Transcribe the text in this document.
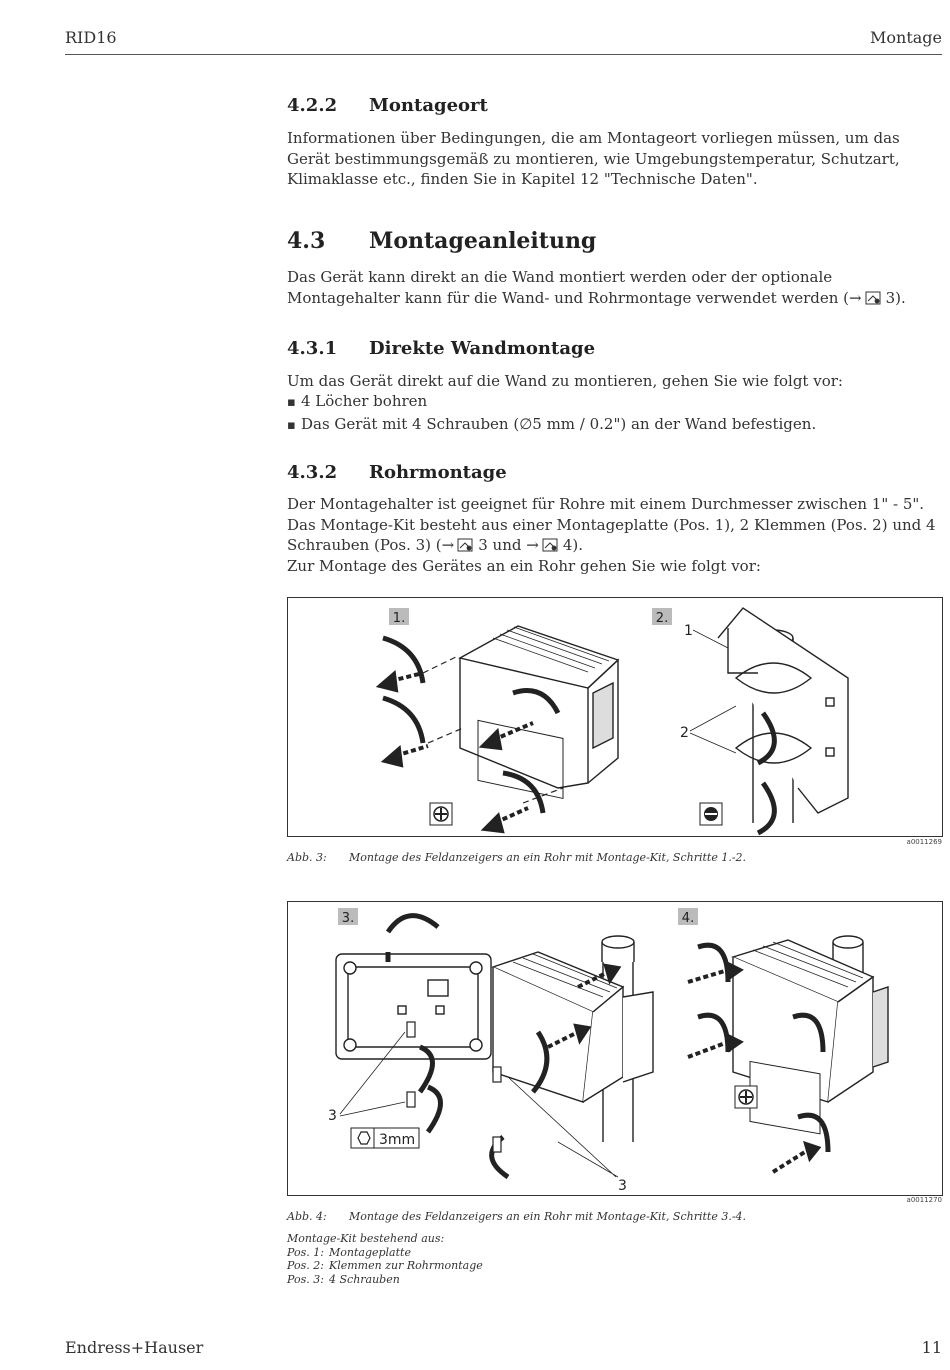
RID16	Montage
4.2.2 Montageort

Informationen über Bedingungen, die am Montageort vorliegen müssen, um das Gerät bestimmungsgemäß zu montieren, wie Umgebungstemperatur, Schutzart, Klimaklasse etc., finden Sie in Kapitel 12 "Technische Daten".

4.3 Montageanleitung

Das Gerät kann direkt an die Wand montiert werden oder der optionale Montagehalter kann für die Wand- und Rohrmontage verwendet werden (→ 3).

4.3.1 Direkte Wandmontage

Um das Gerät direkt auf die Wand zu montieren, gehen Sie wie folgt vor:

▪ 4 Löcher bohren
▪ Das Gerät mit 4 Schrauben (∅5 mm / 0.2") an der Wand befestigen.
4.3.2 Rohrmontage

Der Montagehalter ist geeignet für Rohre mit einem Durchmesser zwischen 1" - 5". Das Montage-Kit besteht aus einer Montageplatte (Pos. 1), 2 Klemmen (Pos. 2) und 4 Schrauben (Pos. 3) (→ 3 und → 4).
Zur Montage des Gerätes an ein Rohr gehen Sie wie folgt vor:

1.	2.
1
2
a0011269
Abb. 3: Montage des Feldanzeigers an ein Rohr mit Montage-Kit, Schritte 1.-2.
3.
3
3mm
3
4.
a0011270
Abb. 4: Montage des Feldanzeigers an ein Rohr mit Montage-Kit, Schritte 3.-4.
Montage-Kit bestehend aus:
Pos. 1: Montageplatte
Pos. 2: Klemmen zur Rohrmontage
Pos. 3: 4 Schrauben
Endress+Hauser	11
